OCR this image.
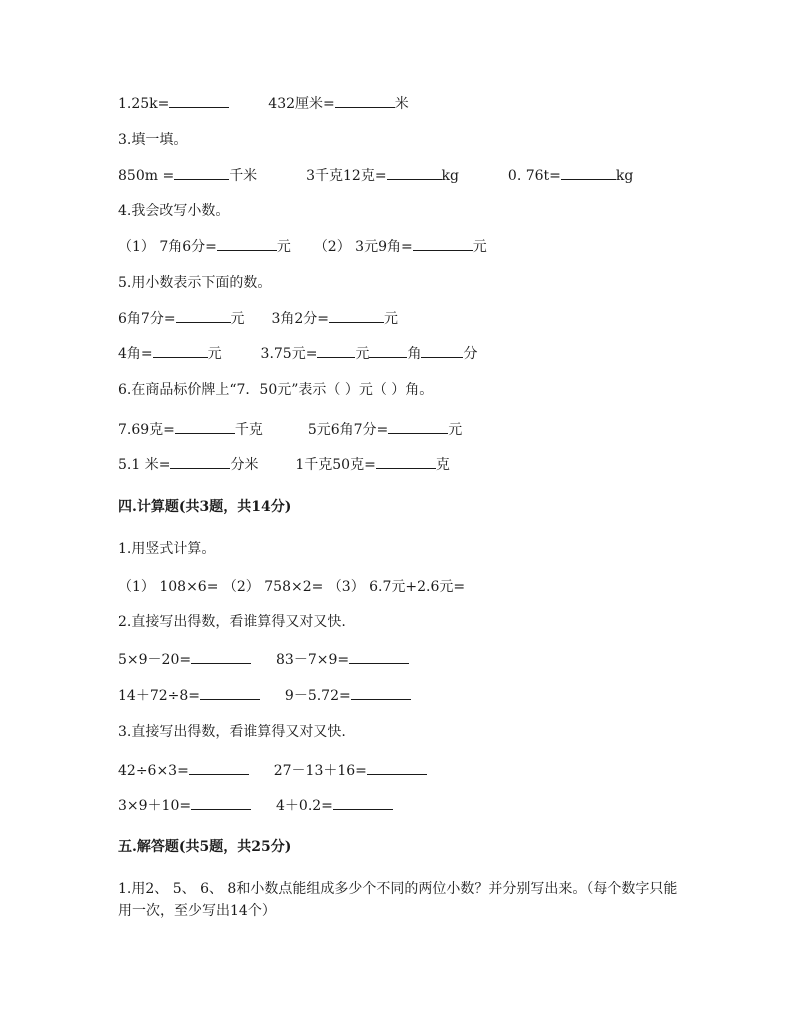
1.25k=	432厘米=	米
3.填一填。
850m =	千米	3千克12克=	kg	0. 76t=	kg
4.我会改写小数。
（1） 7角6分=	元 （2） 3元9角=	元
5.用小数表示下面的数。
6角7分=	元 3角2分=	元
4角=	元	3.75元=	元	角	分
6.在商品标价牌上“7．50元”表示（ ）元（ ）角。
7.69克=	千克	5元6角7分=	元
5.1 米=	分米	1千克50克=	克
四.计算题(共3题，共14分)
1.用竖式计算。
（1） 108×6= （2） 758×2= （3） 6.7元+2.6元=
2.直接写出得数，看谁算得又对又快.
5×9－20=	83－7×9=
14＋72÷8=	9－5.72=
3.直接写出得数，看谁算得又对又快.
42÷6×3=	27－13＋16=
3×9＋10=	4＋0.2=
五.解答题(共5题，共25分)
1.用2、 5、 6、 8和小数点能组成多少个不同的两位小数？并分别写出来。（每个数字只能用一次，至少写出14个）
